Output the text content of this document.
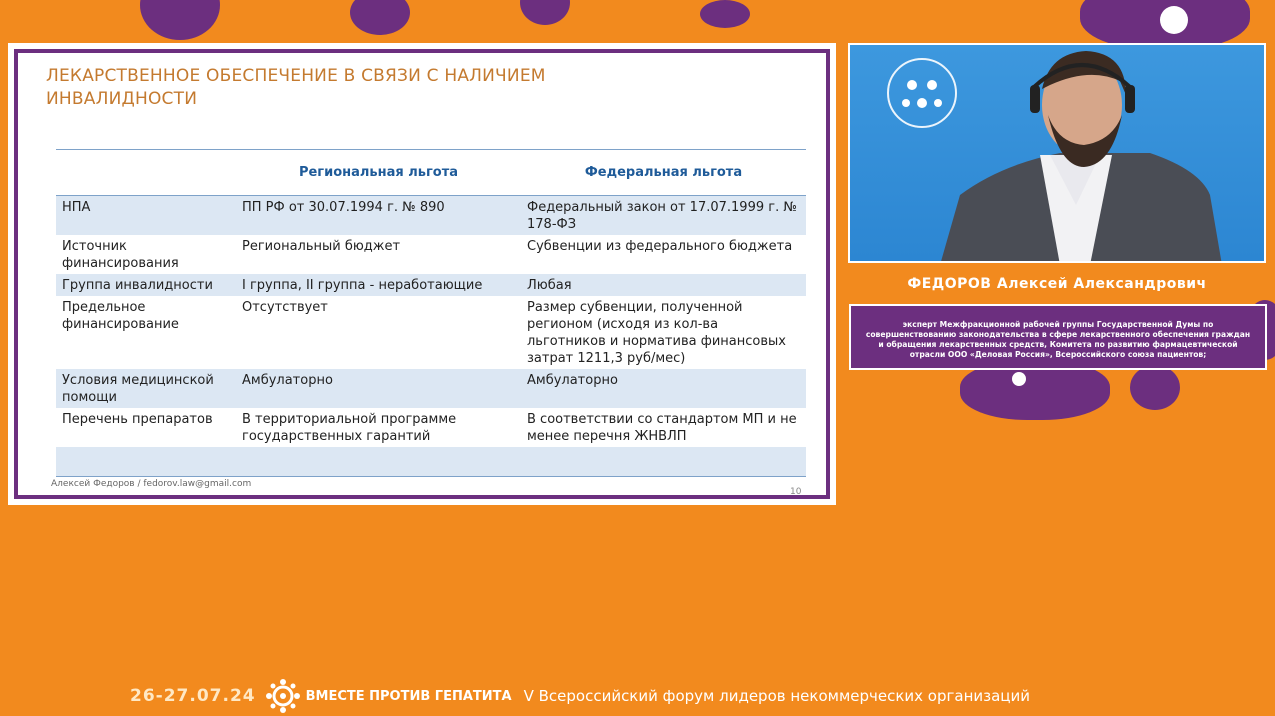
ЛЕКАРСТВЕННОЕ ОБЕСПЕЧЕНИЕ В СВЯЗИ С НАЛИЧИЕМ
ИНВАЛИДНОСТИ
	Региональная льгота	Федеральная льгота
НПА	ПП РФ от 30.07.1994 г. № 890	Федеральный закон от 17.07.1999 г. № 178-ФЗ
Источник финансирования	Региональный бюджет	Субвенции из федерального бюджета
Группа инвалидности	I группа, II группа - неработающие	Любая
Предельное финансирование	Отсутствует	Размер субвенции, полученной регионом (исходя из кол-ва льготников и норматива финансовых затрат 1211,3 руб/мес)
Условия медицинской помощи	Амбулаторно	Амбулаторно
Перечень препаратов	В территориальной программе государственных гарантий	В соответствии со стандартом МП и не менее перечня ЖНВЛП

Алексей Федоров / fedorov.law@gmail.com
10
ФЕДОРОВ Алексей Александрович
эксперт Межфракционной рабочей группы Государственной Думы по совершенствованию законодательства в сфере лекарственного обеспечения граждан и обращения лекарственных средств, Комитета по развитию фармацевтической отрасли ООО «Деловая Россия», Всероссийского союза пациентов;
26-27.07.24	ВМЕСТЕ ПРОТИВ ГЕПАТИТА V Всероссийский форум лидеров некоммерческих организаций
